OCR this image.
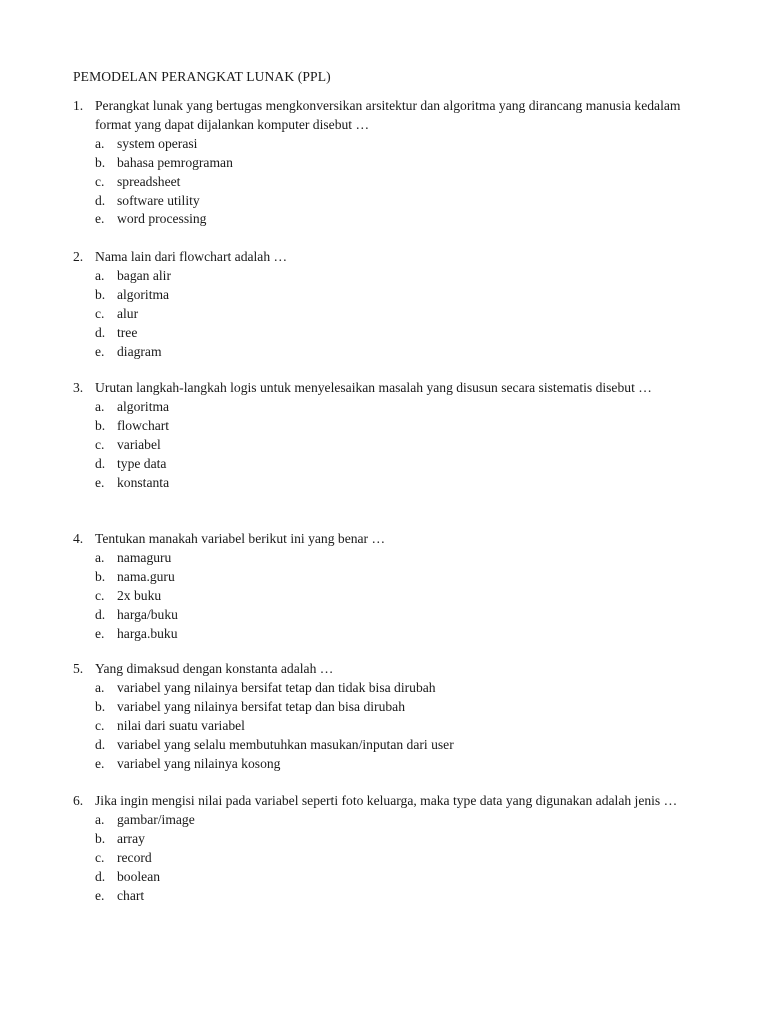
PEMODELAN PERANGKAT LUNAK (PPL)
1. Perangkat lunak yang bertugas mengkonversikan arsitektur dan algoritma yang dirancang manusia kedalam format yang dapat dijalankan komputer disebut …
a. system operasi
b. bahasa pemrograman
c. spreadsheet
d. software utility
e. word processing
2. Nama lain dari flowchart adalah …
a. bagan alir
b. algoritma
c. alur
d. tree
e. diagram
3. Urutan langkah-langkah logis untuk menyelesaikan masalah yang disusun secara sistematis disebut …
a. algoritma
b. flowchart
c. variabel
d. type data
e. konstanta
4. Tentukan manakah variabel berikut ini yang benar …
a. namaguru
b. nama.guru
c. 2x buku
d. harga/buku
e. harga.buku
5. Yang dimaksud dengan konstanta adalah …
a. variabel yang nilainya bersifat tetap dan tidak bisa dirubah
b. variabel yang nilainya bersifat tetap dan bisa dirubah
c. nilai dari suatu variabel
d. variabel yang selalu membutuhkan masukan/inputan dari user
e. variabel yang nilainya kosong
6. Jika ingin mengisi nilai pada variabel seperti foto keluarga, maka type data yang digunakan adalah jenis …
a. gambar/image
b. array
c. record
d. boolean
e. chart
